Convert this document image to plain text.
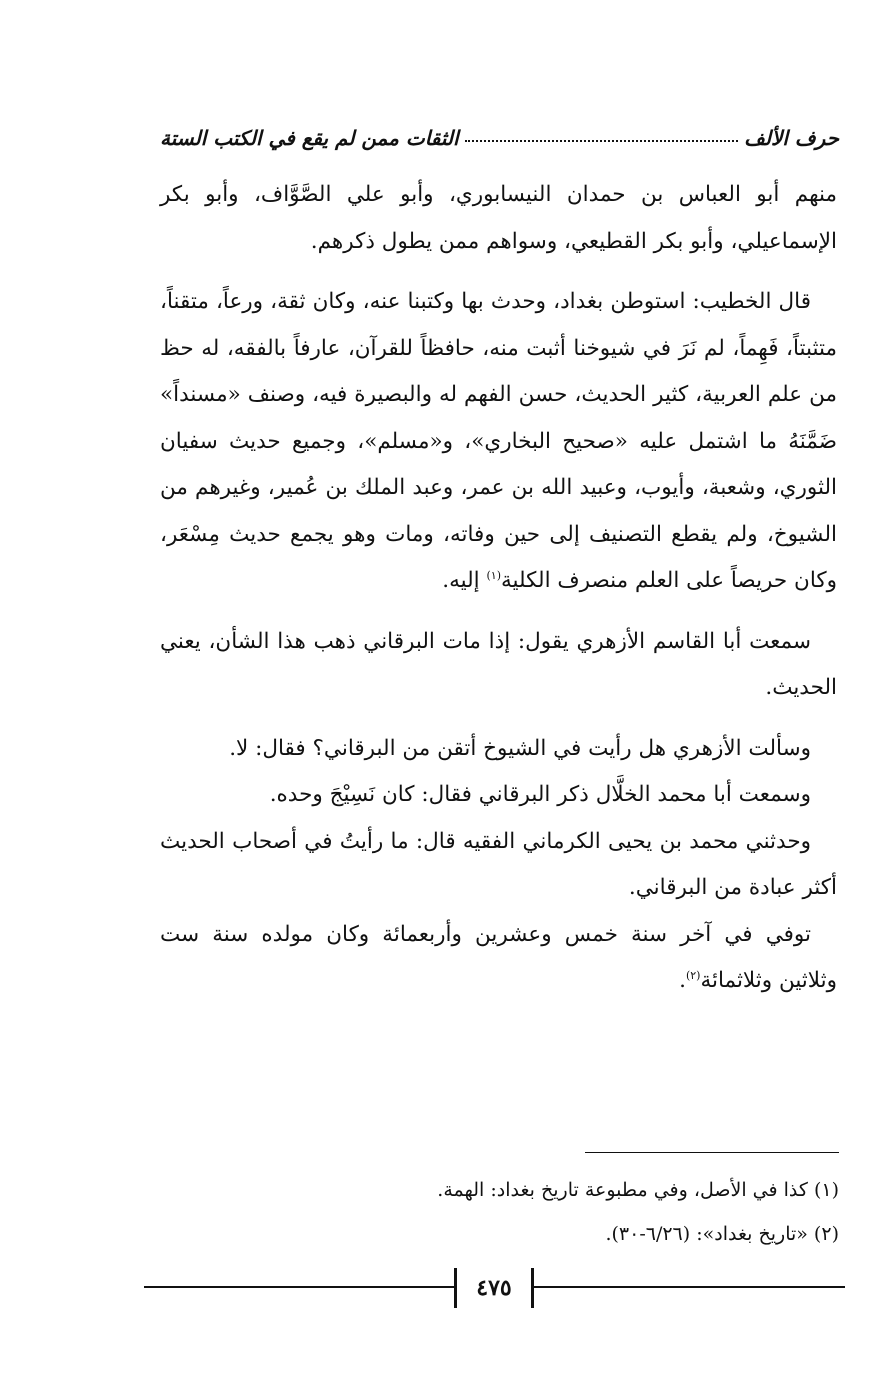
حرف الألف
الثقات ممن لم يقع في الكتب الستة

منهم أبو العباس بن حمدان النيسابوري، وأبو علي الصَّوَّاف، وأبو بكر الإسماعيلي، وأبو بكر القطيعي، وسواهم ممن يطول ذكرهم.

قال الخطيب: استوطن بغداد، وحدث بها وكتبنا عنه، وكان ثقة، ورعاً، متقناً، متثبتاً، فَهِماً، لم نَرَ في شيوخنا أثبت منه، حافظاً للقرآن، عارفاً بالفقه، له حظ من علم العربية، كثير الحديث، حسن الفهم له والبصيرة فيه، وصنف «مسنداً» ضَمَّنَهُ ما اشتمل عليه «صحيح البخاري»، و«مسلم»، وجميع حديث سفيان الثوري، وشعبة، وأيوب، وعبيد الله بن عمر، وعبد الملك بن عُمير، وغيرهم من الشيوخ، ولم يقطع التصنيف إلى حين وفاته، ومات وهو يجمع حديث مِسْعَر، وكان حريصاً على العلم منصرف الكلية$^{(١)}$ إليه.

سمعت أبا القاسم الأزهري يقول: إذا مات البرقاني ذهب هذا الشأن، يعني الحديث.

وسألت الأزهري هل رأيت في الشيوخ أتقن من البرقاني؟ فقال: لا.

وسمعت أبا محمد الخلَّال ذكر البرقاني فقال: كان نَسِيْجَ وحده.

وحدثني محمد بن يحيى الكرماني الفقيه قال: ما رأيتُ في أصحاب الحديث أكثر عبادة من البرقاني.

توفي في آخر سنة خمس وعشرين وأربعمائة وكان مولده سنة ست وثلاثين وثلاثمائة$^{(٢)}$.

(١) كذا في الأصل، وفي مطبوعة تاريخ بغداد: الهمة.

(٢) «تاريخ بغداد»: (٦/٢٦-٣٠).

٤٧٥
